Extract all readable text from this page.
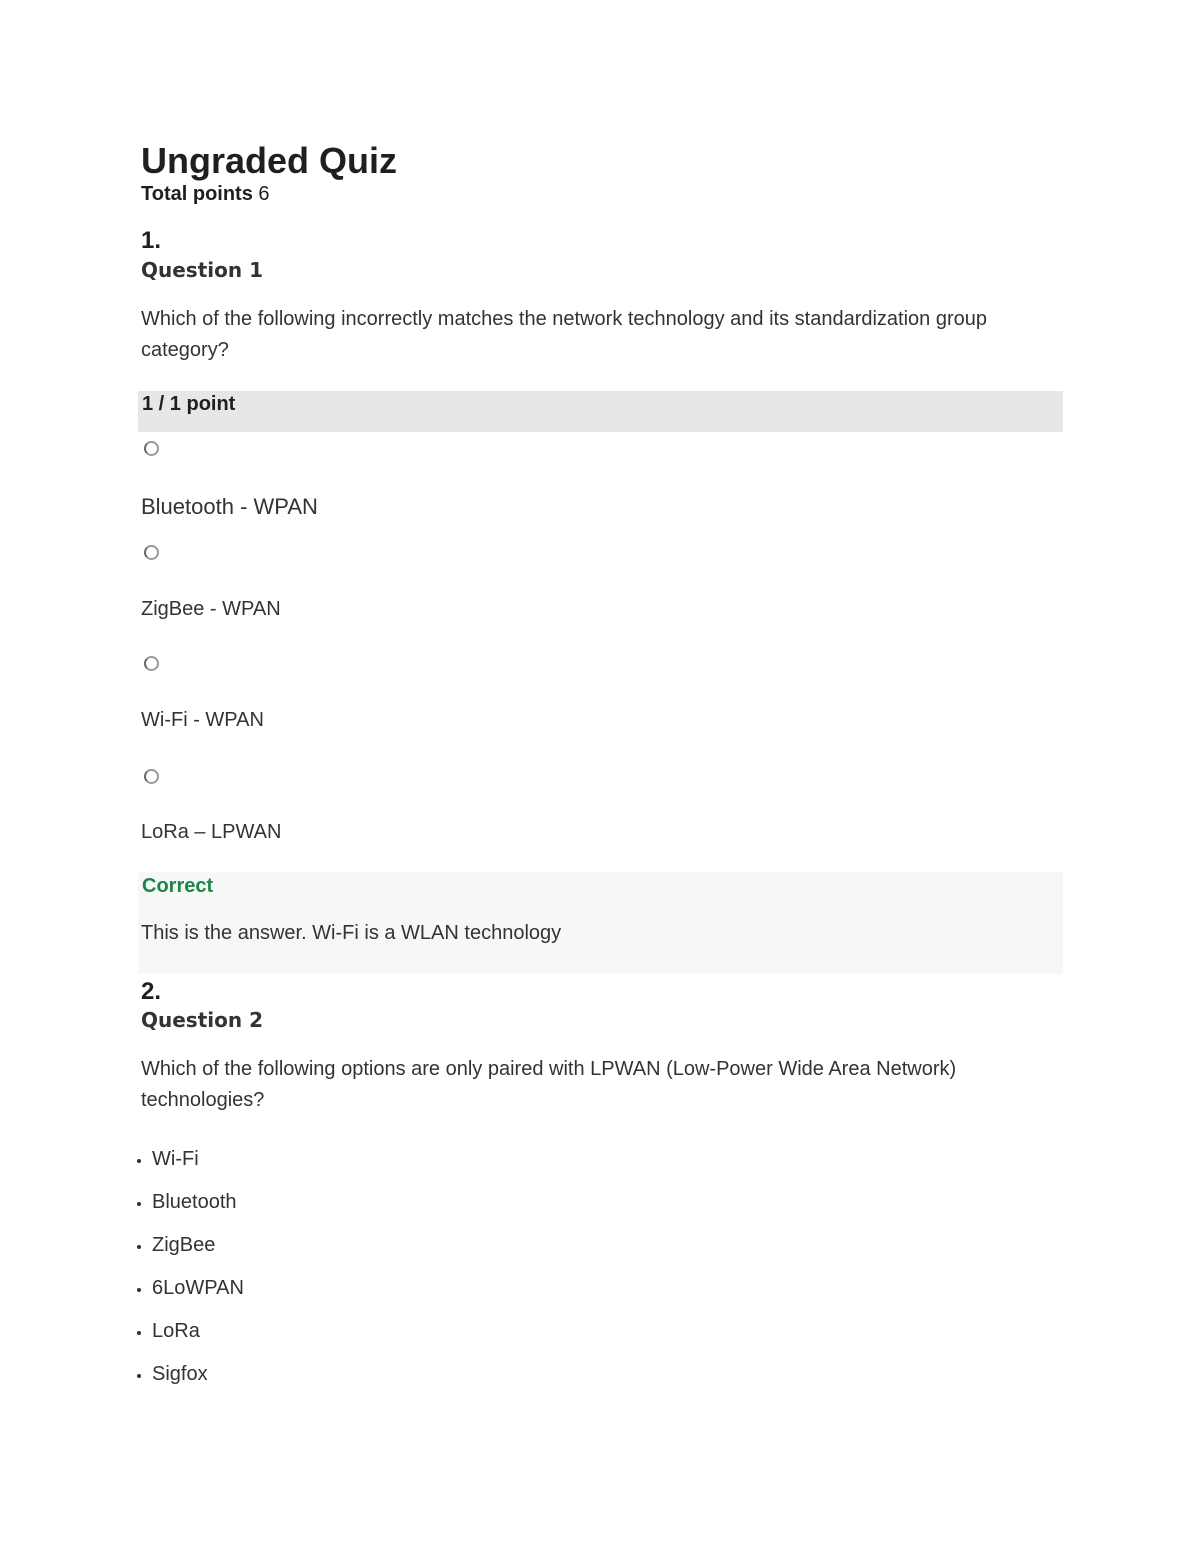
Ungraded Quiz
Total points 6
1.
Question 1
Which of the following incorrectly matches the network technology and its standardization group category?
1 / 1 point
Bluetooth - WPAN
ZigBee - WPAN
Wi-Fi - WPAN
LoRa – LPWAN
Correct
This is the answer. Wi-Fi is a WLAN technology
2.
Question 2
Which of the following options are only paired with LPWAN (Low-Power Wide Area Network) technologies?
• Wi-Fi
• Bluetooth
• ZigBee
• 6LoWPAN
• LoRa
• Sigfox
